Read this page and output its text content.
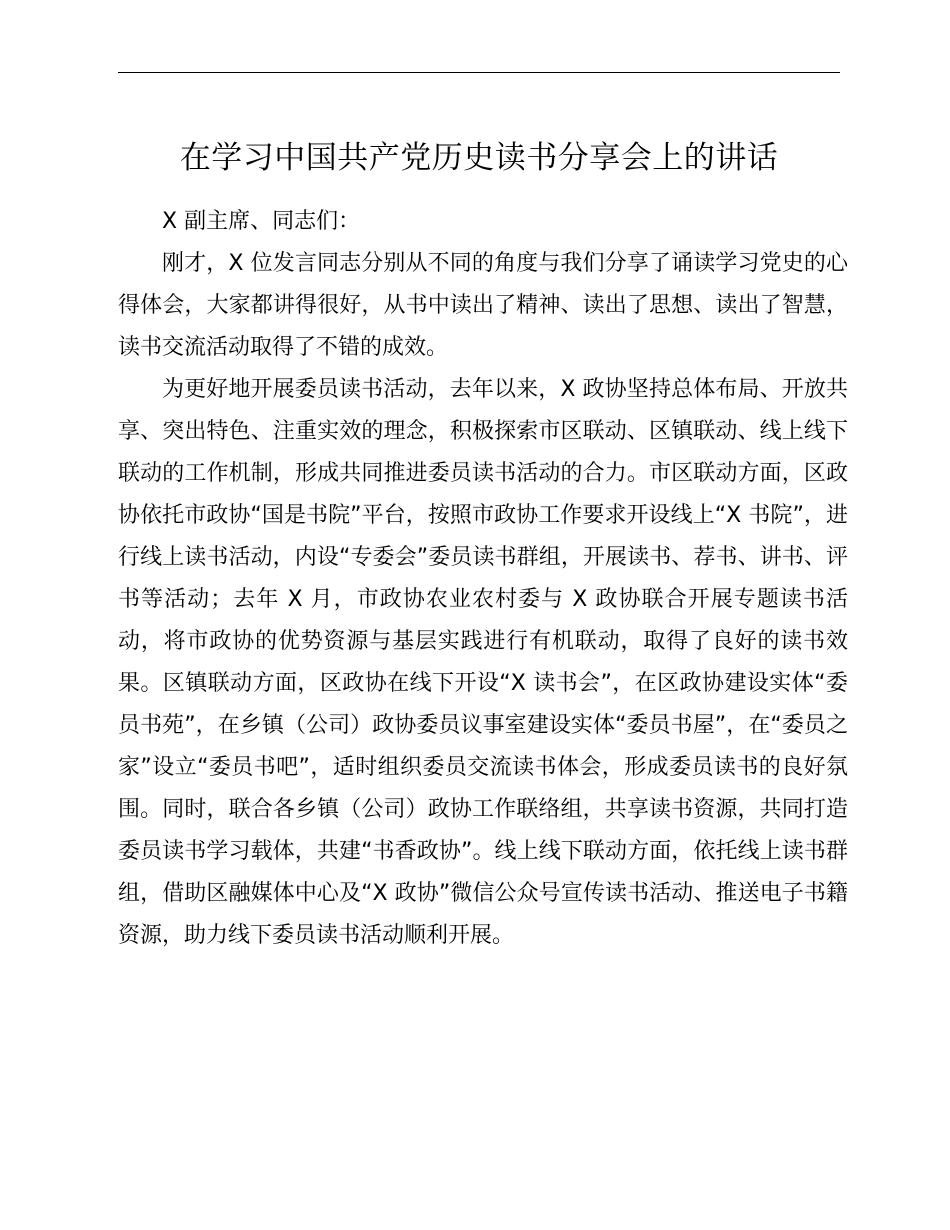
在学习中国共产党历史读书分享会上的讲话

X 副主席、同志们：

刚才，X 位发言同志分别从不同的角度与我们分享了诵读学习党史的心得体会，大家都讲得很好，从书中读出了精神、读出了思想、读出了智慧，读书交流活动取得了不错的成效。

为更好地开展委员读书活动，去年以来，X 政协坚持总体布局、开放共享、突出特色、注重实效的理念，积极探索市区联动、区镇联动、线上线下联动的工作机制，形成共同推进委员读书活动的合力。市区联动方面，区政协依托市政协“国是书院”平台，按照市政协工作要求开设线上“X 书院”，进行线上读书活动，内设“专委会”委员读书群组，开展读书、荐书、讲书、评书等活动；去年 X 月，市政协农业农村委与 X 政协联合开展专题读书活动，将市政协的优势资源与基层实践进行有机联动，取得了良好的读书效果。区镇联动方面，区政协在线下开设“X 读书会”，在区政协建设实体“委员书苑”，在乡镇（公司）政协委员议事室建设实体“委员书屋”，在“委员之家”设立“委员书吧”，适时组织委员交流读书体会，形成委员读书的良好氛围。同时，联合各乡镇（公司）政协工作联络组，共享读书资源，共同打造委员读书学习载体，共建“书香政协”。线上线下联动方面，依托线上读书群组，借助区融媒体中心及“X 政协”微信公众号宣传读书活动、推送电子书籍资源，助力线下委员读书活动顺利开展。
